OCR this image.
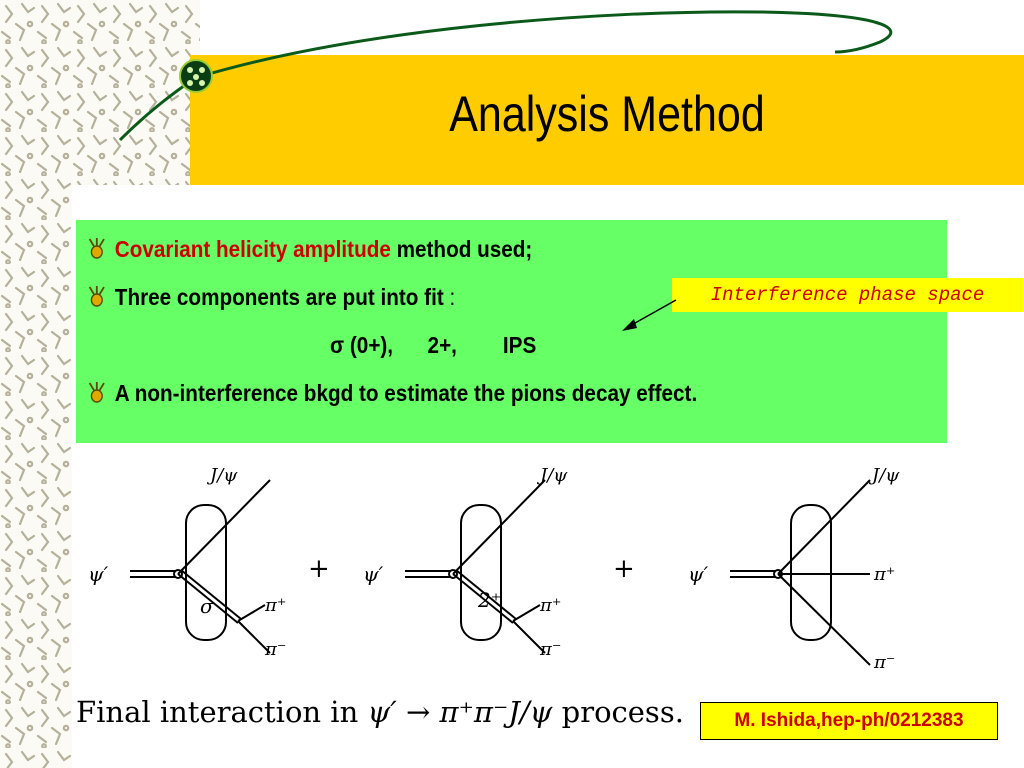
Analysis Method
Covariant helicity amplitude method used;
Three components are put into fit :
σ (0+),      2+,        IPS
A non-interference bkgd to estimate the pions decay effect.
Interference phase space
ψ′
J/ψ
σ	π⁺
π⁻
+ ψ′
J/ψ
2⁺ π⁺
π⁻
+	ψ′
J/ψ
π⁺
π⁻
Final interaction in ψ′ → π⁺π⁻J/ψ process.	M. Ishida,hep-ph/0212383
